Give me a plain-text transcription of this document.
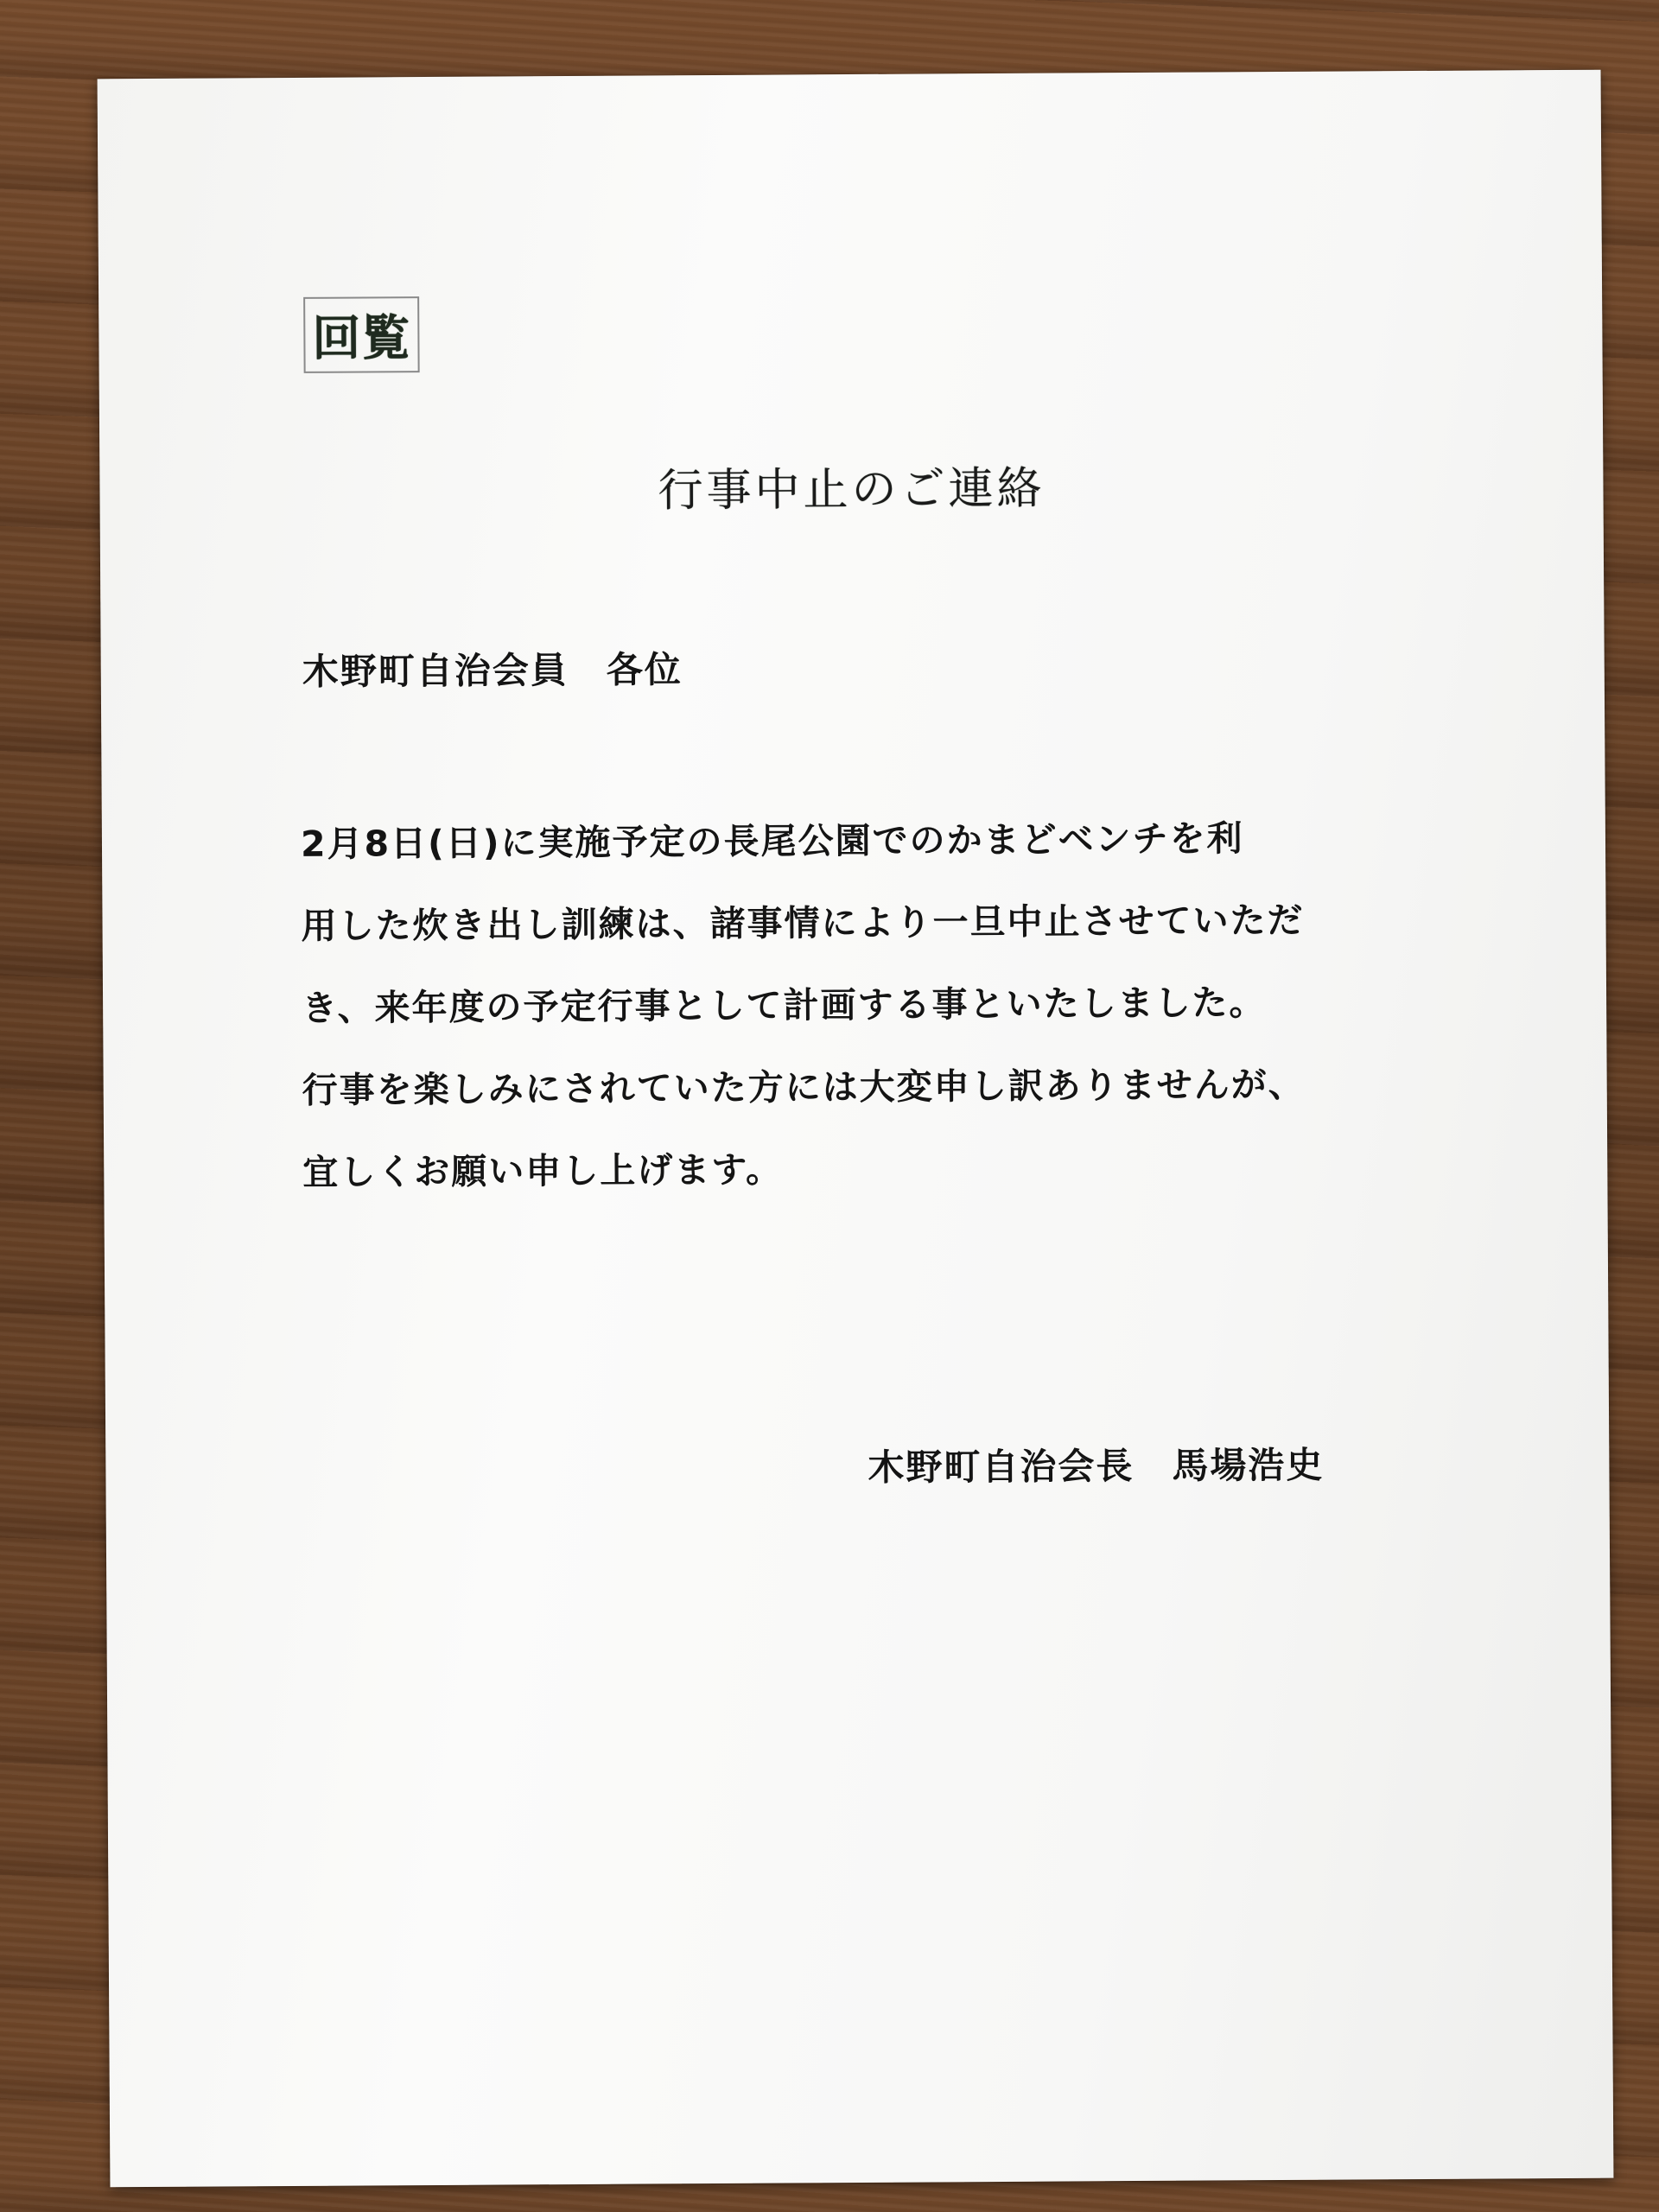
回覧
行事中止のご連絡
木野町自治会員　各位
2月8日(日)に実施予定の長尾公園でのかまどベンチを利
用した炊き出し訓練は、諸事情により一旦中止させていただ
き、来年度の予定行事として計画する事といたしました。
行事を楽しみにされていた方には大変申し訳ありませんが、
宜しくお願い申し上げます。
木野町自治会長　馬場浩史
